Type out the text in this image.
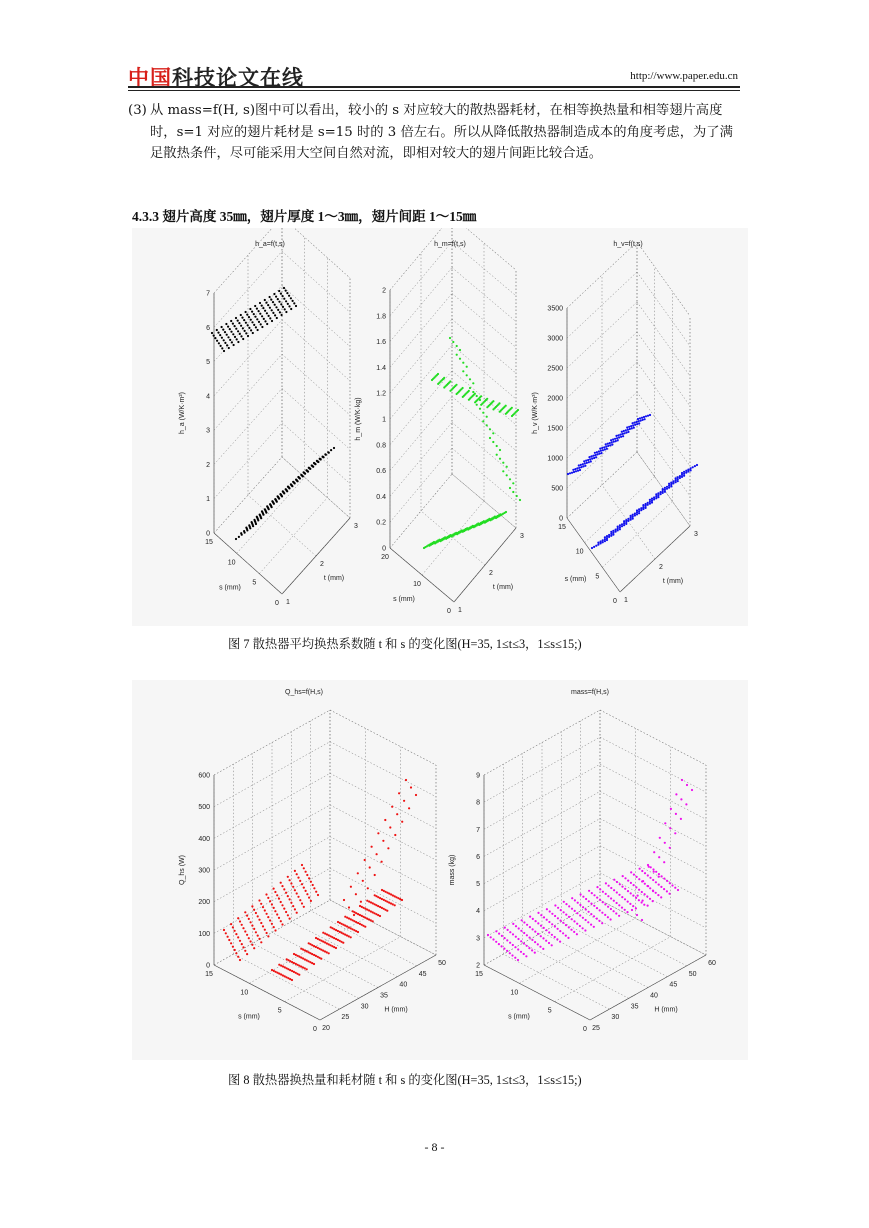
中国科技论文在线	http://www.paper.edu.cn
(3) 从 mass=f(H, s)图中可以看出，较小的 s 对应较大的散热器耗材，在相等换热量和相等翅片高度时，s=1 对应的翅片耗材是 s=15 时的 3 倍左右。所以从降低散热器制造成本的角度考虑，为了满足散热条件，尽可能采用大空间自然对流，即相对较大的翅片间距比较合适。
4.3.3 翅片高度 35㎜，翅片厚度 1～3㎜，翅片间距 1～15㎜
0
1
2
3
4
5
6
7
15
10
5
0 1
2
3
s (mm)
t (mm)
h_a (W/K·m²)
h_a=f(t,s)
0
0.2
0.4
0.6
0.8
1
1.2
1.4
1.6
1.8
2
20
10
0 1
2
3
s (mm)
t (mm)
h_m (W/K·kg)
h_m=f(t,s)
0
500
1000
1500
2000
2500
3000
3500
15
10
5
0 1
2
3
s (mm)	t (mm)
h_v (W/K·m³)
h_v=f(t,s)
图 7 散热器平均换热系数随 t 和 s 的变化图(H=35, 1≤t≤3，1≤s≤15;)
0
100
200
300
400
500
600
15
10
5
0 20
25
30
35
40
45
50
s (mm)
H (mm)
Q_hs (W)
Q_hs=f(H,s)
2
3
4
5
6
7
8
9
15
10
5
0 25
30
35
40
45
50
60
s (mm)
H (mm)
mass (kg)
mass=f(H,s)
图 8 散热器换热量和耗材随 t 和 s 的变化图(H=35, 1≤t≤3，1≤s≤15;)
- 8 -
